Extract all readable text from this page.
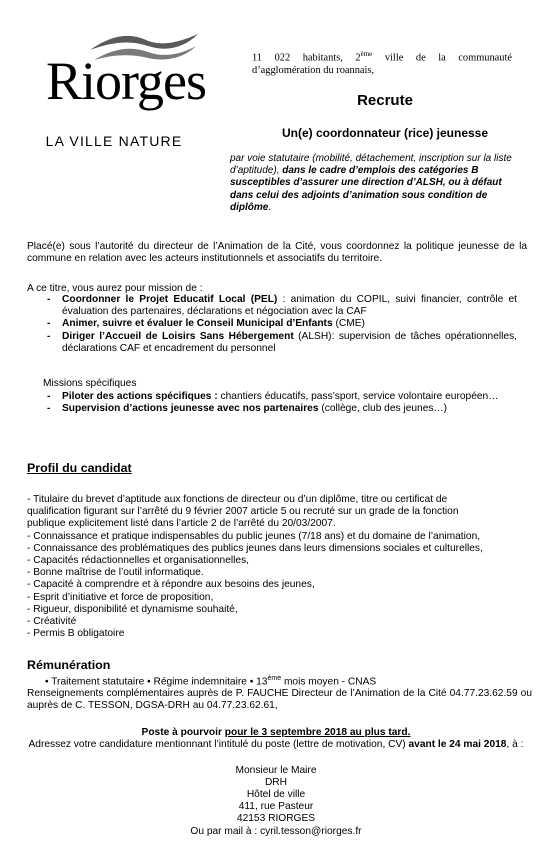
Riorges
LA VILLE NATURE
11 022 habitants, 2ème ville de la communauté d’agglomération du roannais,
Recrute
Un(e) coordonnateur (rice) jeunesse
par voie statutaire (mobilité, détachement, inscription sur la liste d’aptitude), dans le cadre d’emplois des catégories B susceptibles d’assurer une direction d’ALSH, ou à défaut dans celui des adjoints d’animation sous condition de diplôme.
Placé(e) sous l’autorité du directeur de l’Animation de la Cité, vous coordonnez la politique jeunesse de la commune en relation avec les acteurs institutionnels et associatifs du territoire.
A ce titre, vous aurez pour mission de :
- Coordonner le Projet Educatif Local (PEL) : animation du COPIL, suivi financier, contrôle et évaluation des partenaires, déclarations et négociation avec la CAF
- Animer, suivre et évaluer le Conseil Municipal d’Enfants (CME)
- Diriger l’Accueil de Loisirs Sans Hébergement (ALSH): supervision de tâches opérationnelles, déclarations CAF et encadrement du personnel
Missions spécifiques
- Piloter des actions spécifiques : chantiers éducatifs, pass’sport, service volontaire européen…
- Supervision d’actions jeunesse avec nos partenaires (collège, club des jeunes…)
Profil du candidat
- Titulaire du brevet d’aptitude aux fonctions de directeur ou d’un diplôme, titre ou certificat de
qualification figurant sur l’arrêté du 9 février 2007 article 5 ou recruté sur un grade de la fonction
publique explicitement listé dans l’article 2 de l’arrêté du 20/03/2007.
- Connaissance et pratique indispensables du public jeunes (7/18 ans) et du domaine de l’animation,
- Connaissance des problématiques des publics jeunes dans leurs dimensions sociales et culturelles,
- Capacités rédactionnelles et organisationnelles,
- Bonne maîtrise de l’outil informatique.
- Capacité à comprendre et à répondre aux besoins des jeunes,
- Esprit d’initiative et force de proposition,
- Rigueur, disponibilité et dynamisme souhaité,
- Créativité
- Permis B obligatoire
Rémunération
• Traitement statutaire • Régime indemnitaire • 13ème mois moyen - CNAS
Renseignements complémentaires auprès de P. FAUCHE Directeur de l’Animation de la Cité 04.77.23.62.59 ou auprès de C. TESSON, DGSA-DRH au 04.77.23.62.61,
Poste à pourvoir pour le 3 septembre 2018 au plus tard.
Adressez votre candidature mentionnant l’intitulé du poste (lettre de motivation, CV) avant le 24 mai 2018, à :
Monsieur le Maire
DRH
Hôtel de ville
411, rue Pasteur
42153 RIORGES
Ou par mail à : cyril.tesson@riorges.fr
